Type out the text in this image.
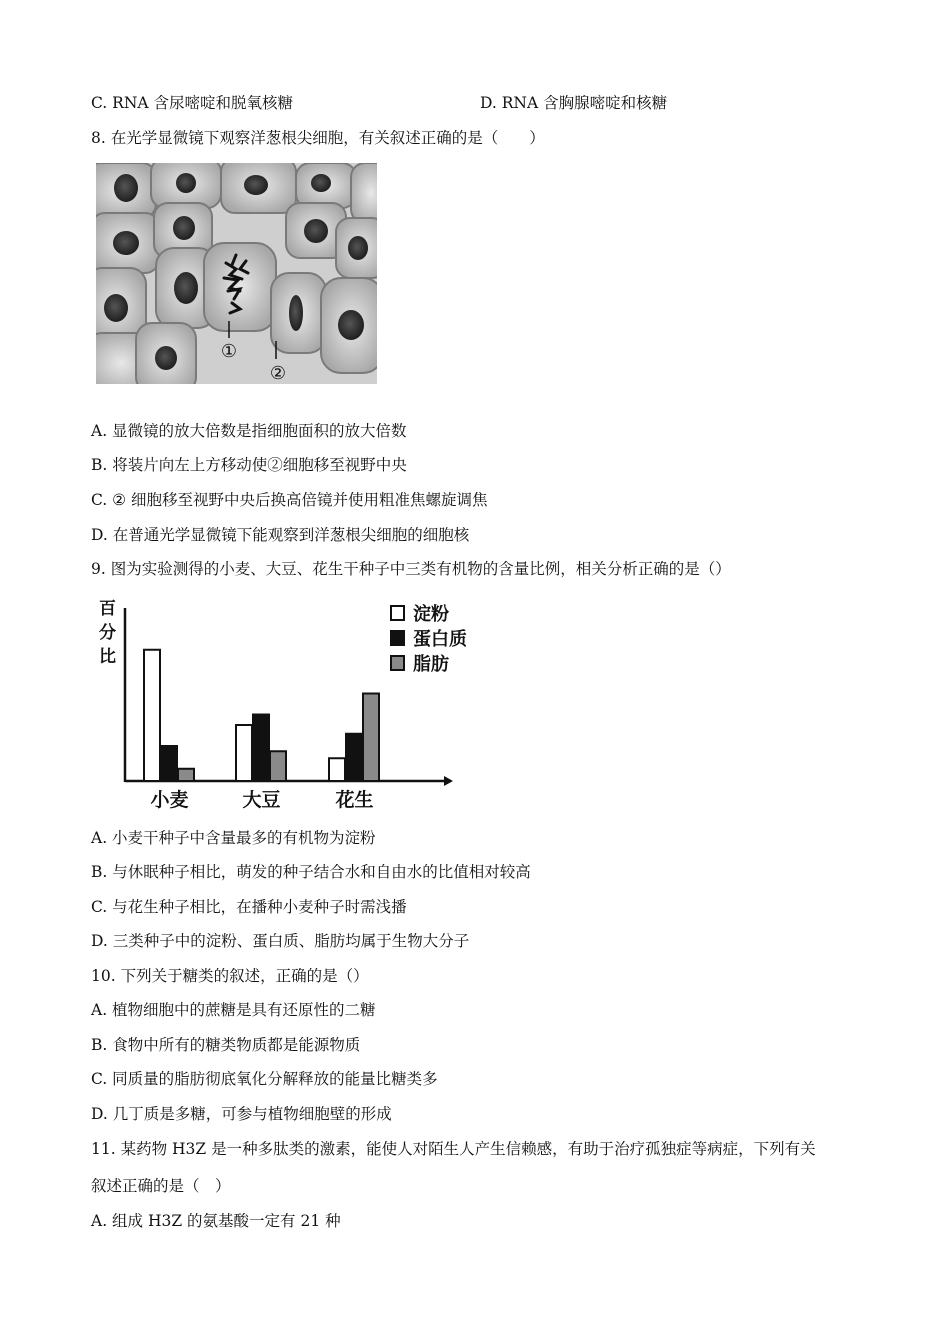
C. RNA 含尿嘧啶和脱氧核糖	D. RNA 含胸腺嘧啶和核糖
8. 在光学显微镜下观察洋葱根尖细胞，有关叙述正确的是（　　）
①
②
A. 显微镜的放大倍数是指细胞面积的放大倍数
B. 将装片向左上方移动使②细胞移至视野中央
C. ② 细胞移至视野中央后换高倍镜并使用粗准焦螺旋调焦
D. 在普通光学显微镜下能观察到洋葱根尖细胞的细胞核
9. 图为实验测得的小麦、大豆、花生干种子中三类有机物的含量比例，相关分析正确的是（）
百分比
小麦	大豆	花生
淀粉
蛋白质
脂肪
A. 小麦干种子中含量最多的有机物为淀粉
B. 与休眠种子相比，萌发的种子结合水和自由水的比值相对较高
C. 与花生种子相比，在播种小麦种子时需浅播
D. 三类种子中的淀粉、蛋白质、脂肪均属于生物大分子
10. 下列关于糖类的叙述，正确的是（）
A. 植物细胞中的蔗糖是具有还原性的二糖
B. 食物中所有的糖类物质都是能源物质
C. 同质量的脂肪彻底氧化分解释放的能量比糖类多
D. 几丁质是多糖，可参与植物细胞壁的形成
11. 某药物 H3Z 是一种多肽类的激素，能使人对陌生人产生信赖感，有助于治疗孤独症等病症，下列有关
叙述正确的是（　）
A. 组成 H3Z 的氨基酸一定有 21 种
